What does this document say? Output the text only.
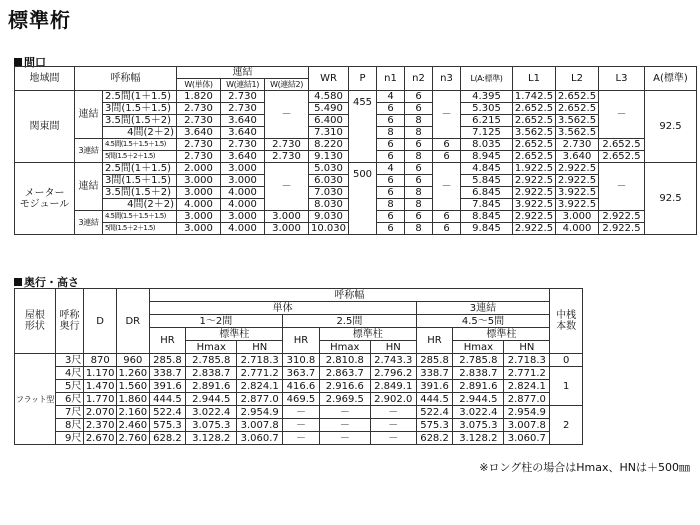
標準桁
間口
地域間	呼称幅		連結			WR	P	n1	n2	n3	L(A:標準)	L1	L2	L3	A(標準)
			W(単体)	W(連結1)	W(連結2)										
関東間	連結	2.5間(1＋1.5)	1.820	2.730	－	4.580	455	4	6	－	4.395	1.742.5	2.652.5	－	92.5
		3間(1.5＋1.5)	2.730	2.730		5.490		6	6		5.305	2.652.5	2.652.5		
		3.5間(1.5＋2)	2.730	3.640		6.400		6	8		6.215	2.652.5	3.562.5		
		4間(2＋2)	3.640	3.640		7.310		8	8		7.125	3.562.5	3.562.5		
	3連結	4.5間(1.5＋1.5＋1.5)	2.730	2.730	2.730	8.220		6	6	6	8.035	2.652.5	2.730	2.652.5	
		5間(1.5＋2＋1.5)	2.730	3.640	2.730	9.130		6	8	6	8.945	2.652.5	3.640	2.652.5	
メーター
モジュール	連結	2.5間(1＋1.5)	2.000	3.000	－	5.030	500	4	6	－	4.845	1.922.5	2.922.5	－	92.5
		3間(1.5＋1.5)	3.000	3.000		6.030		6	6		5.845	2.922.5	2.922.5		
		3.5間(1.5＋2)	3.000	4.000		7.030		6	8		6.845	2.922.5	3.922.5		
		4間(2＋2)	4.000	4.000		8.030		8	8		7.845	3.922.5	3.922.5		
	3連結	4.5間(1.5＋1.5＋1.5)	3.000	3.000	3.000	9.030		6	6	6	8.845	2.922.5	3.000	2.922.5	
		5間(1.5＋2＋1.5)	3.000	4.000	3.000	10.030		6	8	6	9.845	2.922.5	4.000	2.922.5	
奥行・高さ
屋根形状	呼称奥行	D	DR	呼称幅									中桟本数
				単体						3連結			
				1～2間			2.5間			4.5～5間			
				HR	標準柱		HR	標準柱		HR	標準柱		
					Hmax	HN		Hmax	HN		Hmax	HN	
フラット型	3尺	870	960	285.8	2.785.8	2.718.3	310.8	2.810.8	2.743.3	285.8	2.785.8	2.718.3	0
	4尺	1.170	1.260	338.7	2.838.7	2.771.2	363.7	2.863.7	2.796.2	338.7	2.838.7	2.771.2	1
	5尺	1.470	1.560	391.6	2.891.6	2.824.1	416.6	2.916.6	2.849.1	391.6	2.891.6	2.824.1	
	6尺	1.770	1.860	444.5	2.944.5	2.877.0	469.5	2.969.5	2.902.0	444.5	2.944.5	2.877.0	
	7尺	2.070	2.160	522.4	3.022.4	2.954.9	－	－	－	522.4	3.022.4	2.954.9	2
	8尺	2.370	2.460	575.3	3.075.3	3.007.8	－	－	－	575.3	3.075.3	3.007.8	
	9尺	2.670	2.760	628.2	3.128.2	3.060.7	－	－	－	628.2	3.128.2	3.060.7	
※ロング柱の場合はHmax、HNは＋500㎜
